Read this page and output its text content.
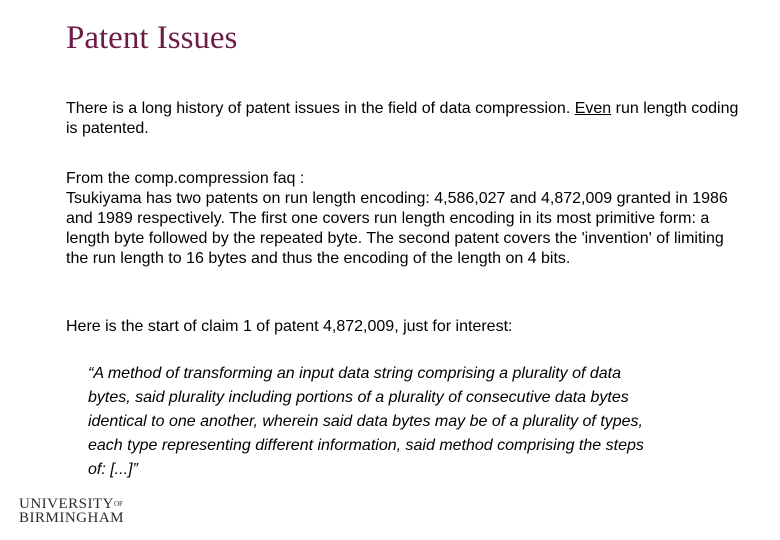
Patent Issues

There is a long history of patent issues in the field of data compression. Even run length coding is patented.

From the comp.compression faq :
Tsukiyama has two patents on run length encoding: 4,586,027 and 4,872,009 granted in 1986 and 1989 respectively. The first one covers run length encoding in its most primitive form: a length byte followed by the repeated byte. The second patent covers the 'invention' of limiting the run length to 16 bytes and thus the encoding of the length on 4 bits.

Here is the start of claim 1 of patent 4,872,009, just for interest:

“A method of transforming an input data string comprising a plurality of data bytes, said plurality including portions of a plurality of consecutive data bytes identical to one another, wherein said data bytes may be of a plurality of types, each type representing different information, said method comprising the steps of: [...]”

$UNIVERSITY^{OF}$
BIRMINGHAM
